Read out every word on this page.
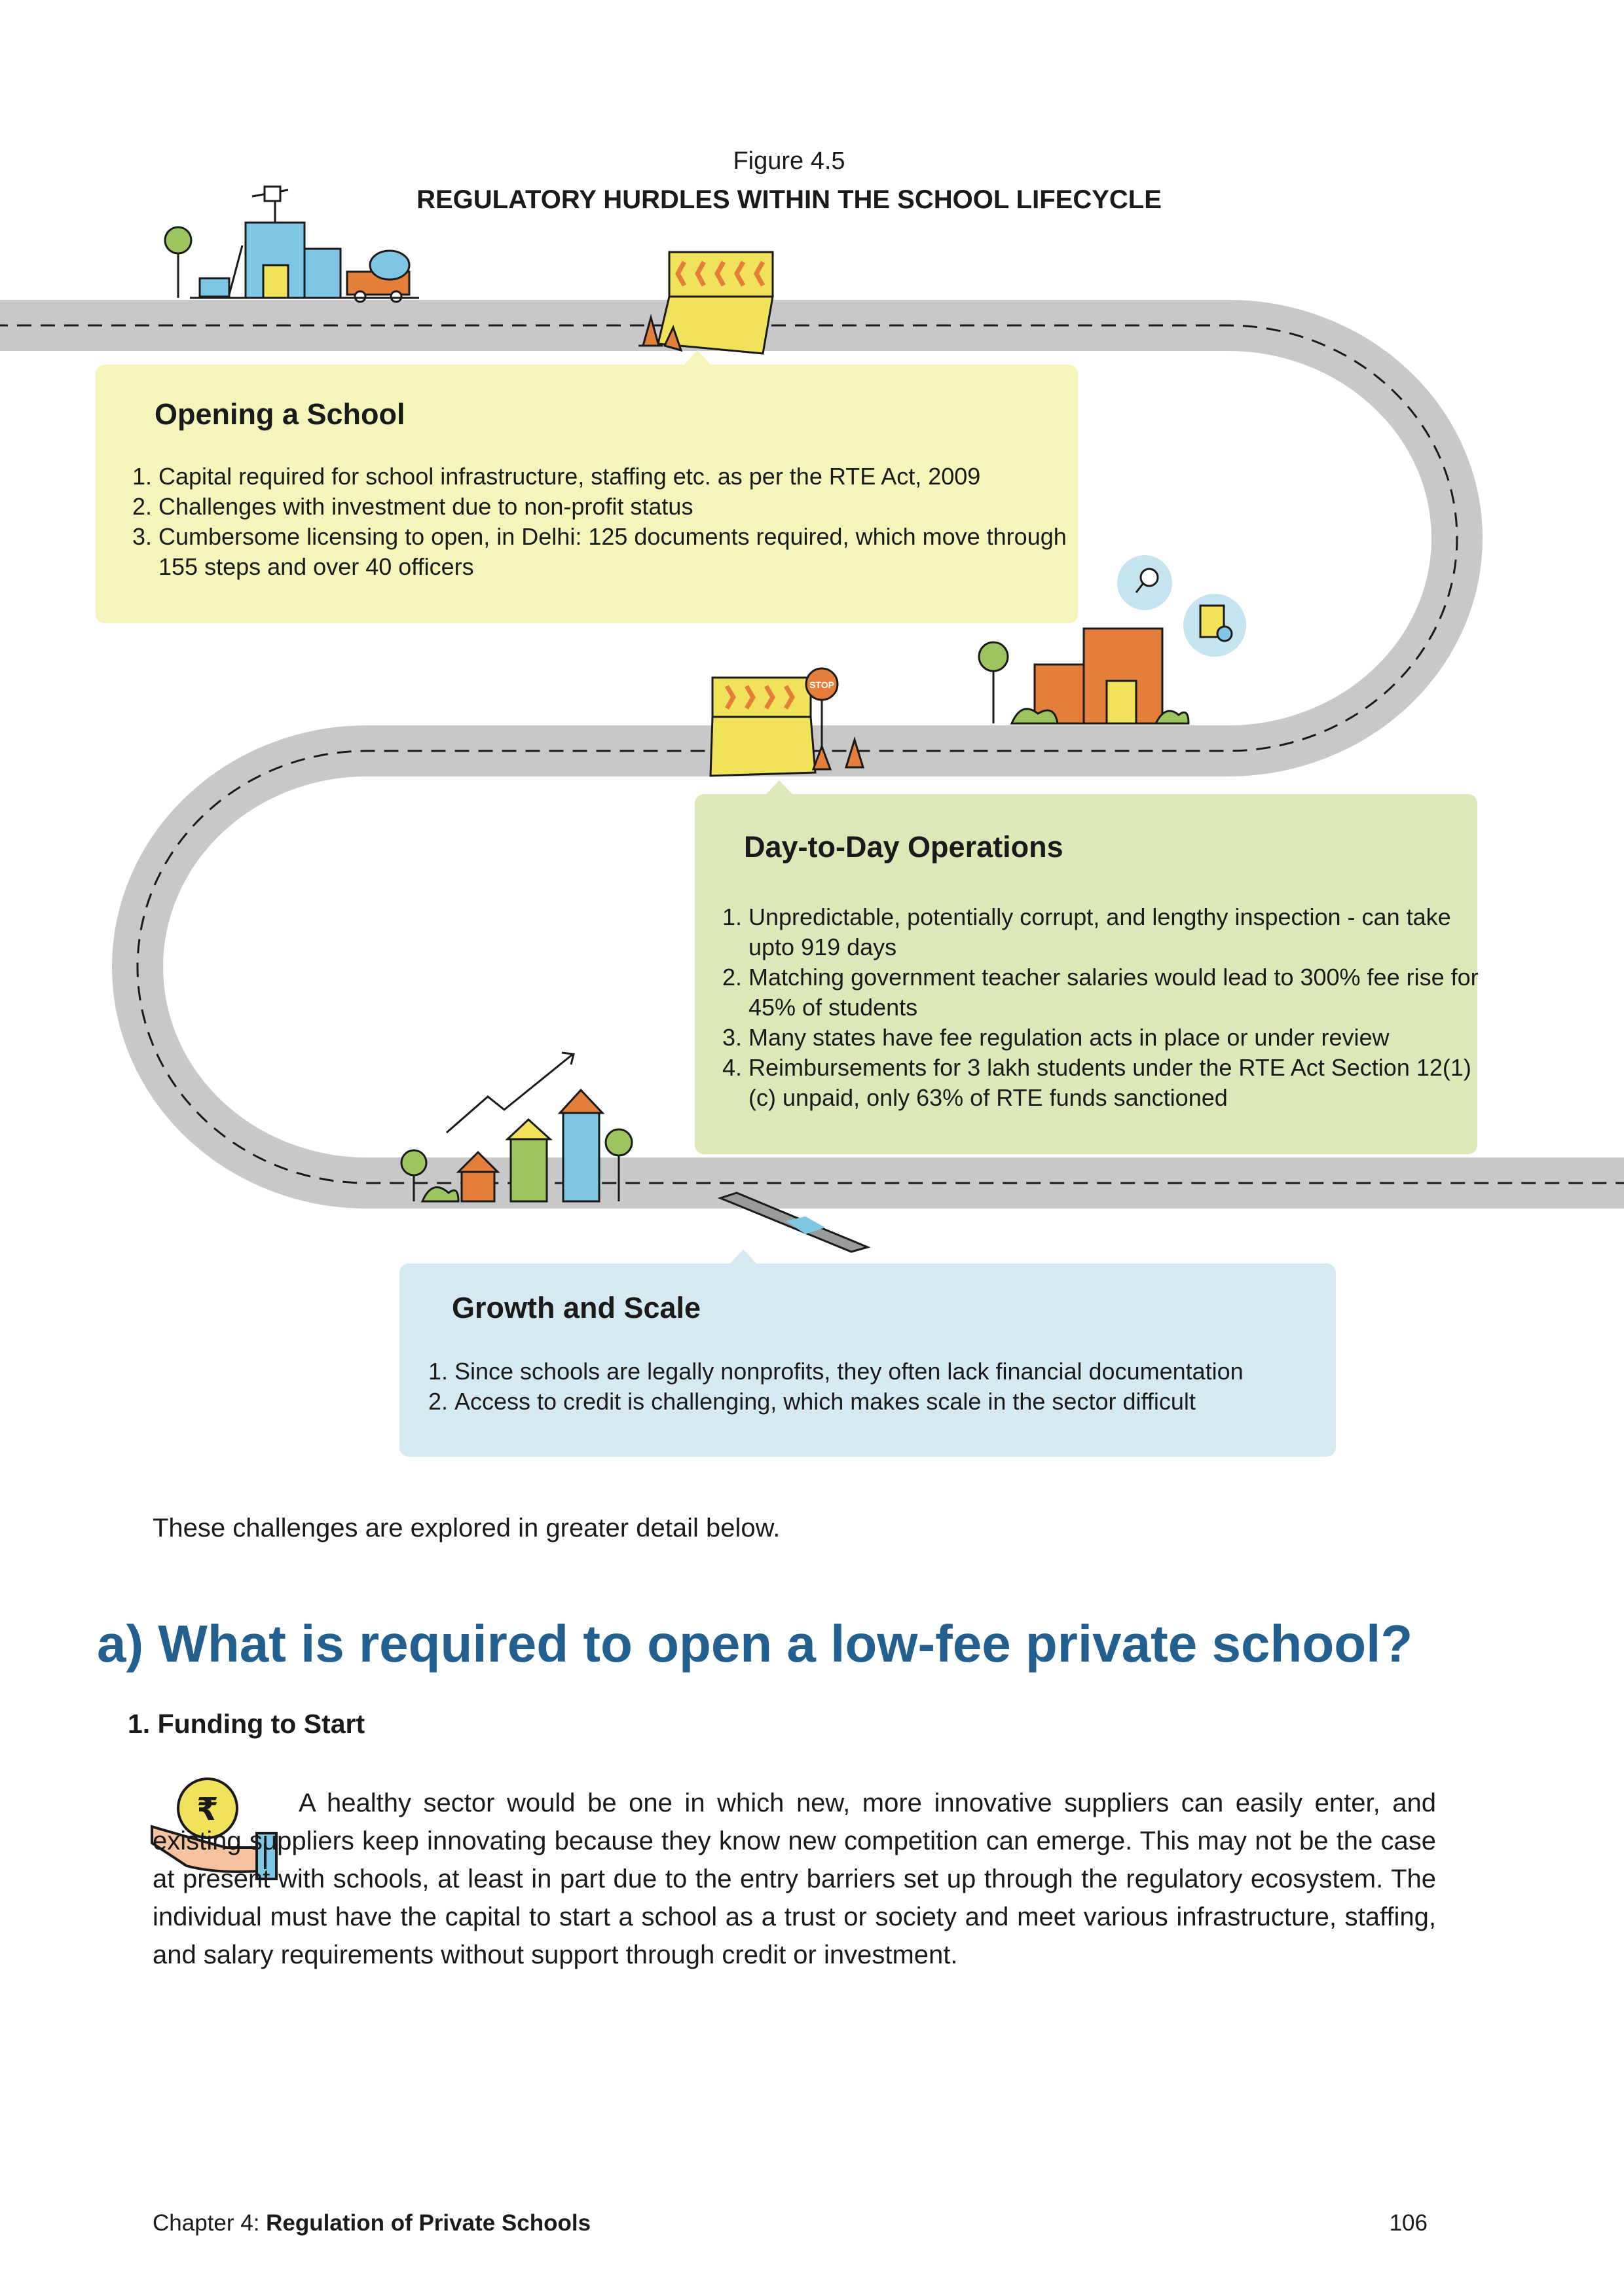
STOP
₹
Figure 4.5
REGULATORY HURDLES WITHIN THE SCHOOL LIFECYCLE
Opening a School
1. Capital required for school infrastructure, staffing etc. as per the RTE Act, 2009
2. Challenges with investment due to non-profit status
3. Cumbersome licensing to open, in Delhi: 125 documents required, which move through 155 steps and over 40 officers
Day-to-Day Operations
1. Unpredictable, potentially corrupt, and lengthy inspection - can take upto 919 days
2. Matching government teacher salaries would lead to 300% fee rise for 45% of students
3. Many states have fee regulation acts in place or under review
4. Reimbursements for 3 lakh students under the RTE Act Section 12(1)(c) unpaid, only 63% of RTE funds sanctioned
Growth and Scale
1. Since schools are legally nonprofits, they often lack financial documentation
2. Access to credit is challenging, which makes scale in the sector difficult
These challenges are explored in greater detail below.
a) What is required to open a low-fee private school?
1. Funding to Start
A healthy sector would be one in which new, more innovative suppliers can easily enter, and existing suppliers keep innovating because they know new competition can emerge. This may not be the case at present with schools, at least in part due to the entry barriers set up through the regulatory ecosystem. The individual must have the capital to start a school as a trust or society and meet various infrastructure, staffing, and salary requirements without support through credit or investment.
Chapter 4: Regulation of Private Schools	106
